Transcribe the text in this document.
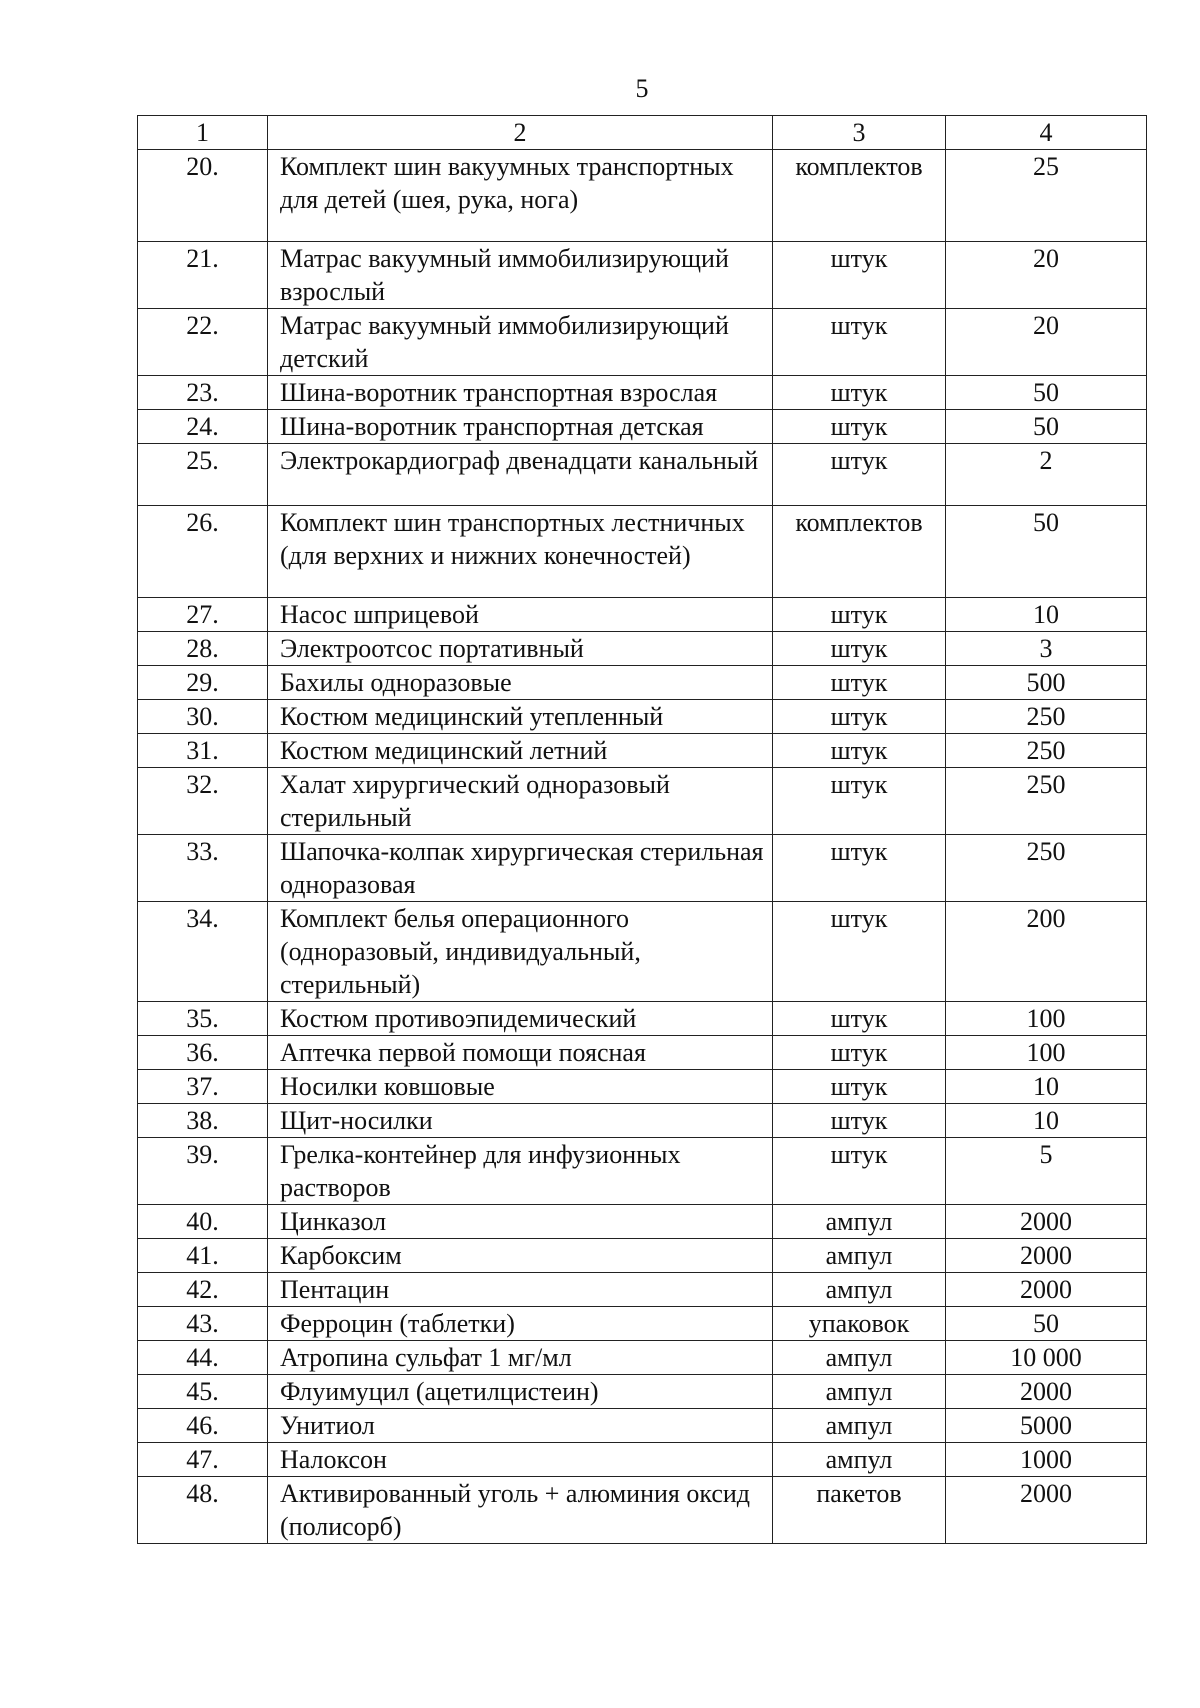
5
1	2	3	4
20.	Комплект шин вакуумных транспортных для детей (шея, рука, нога)	комплектов	25
21.	Матрас вакуумный иммобилизирующий взрослый	штук	20
22.	Матрас вакуумный иммобилизирующий детский	штук	20
23.	Шина-воротник транспортная взрослая	штук	50
24.	Шина-воротник транспортная детская	штук	50
25.	Электрокардиограф двенадцати канальный	штук	2
26.	Комплект шин транспортных лестничных (для верхних и нижних конечностей)	комплектов	50
27.	Насос шприцевой	штук	10
28.	Электроотсос портативный	штук	3
29.	Бахилы одноразовые	штук	500
30.	Костюм медицинский утепленный	штук	250
31.	Костюм медицинский летний	штук	250
32.	Халат хирургический одноразовый стерильный	штук	250
33.	Шапочка-колпак хирургическая стерильная одноразовая	штук	250
34.	Комплект белья операционного (одноразовый, индивидуальный, стерильный)	штук	200
35.	Костюм противоэпидемический	штук	100
36.	Аптечка первой помощи поясная	штук	100
37.	Носилки ковшовые	штук	10
38.	Щит-носилки	штук	10
39.	Грелка-контейнер для инфузионных растворов	штук	5
40.	Цинказол	ампул	2000
41.	Карбоксим	ампул	2000
42.	Пентацин	ампул	2000
43.	Ферроцин (таблетки)	упаковок	50
44.	Атропина сульфат 1 мг/мл	ампул	10 000
45.	Флуимуцил (ацетилцистеин)	ампул	2000
46.	Унитиол	ампул	5000
47.	Налоксон	ампул	1000
48.	Активированный уголь + алюминия оксид (полисорб)	пакетов	2000
